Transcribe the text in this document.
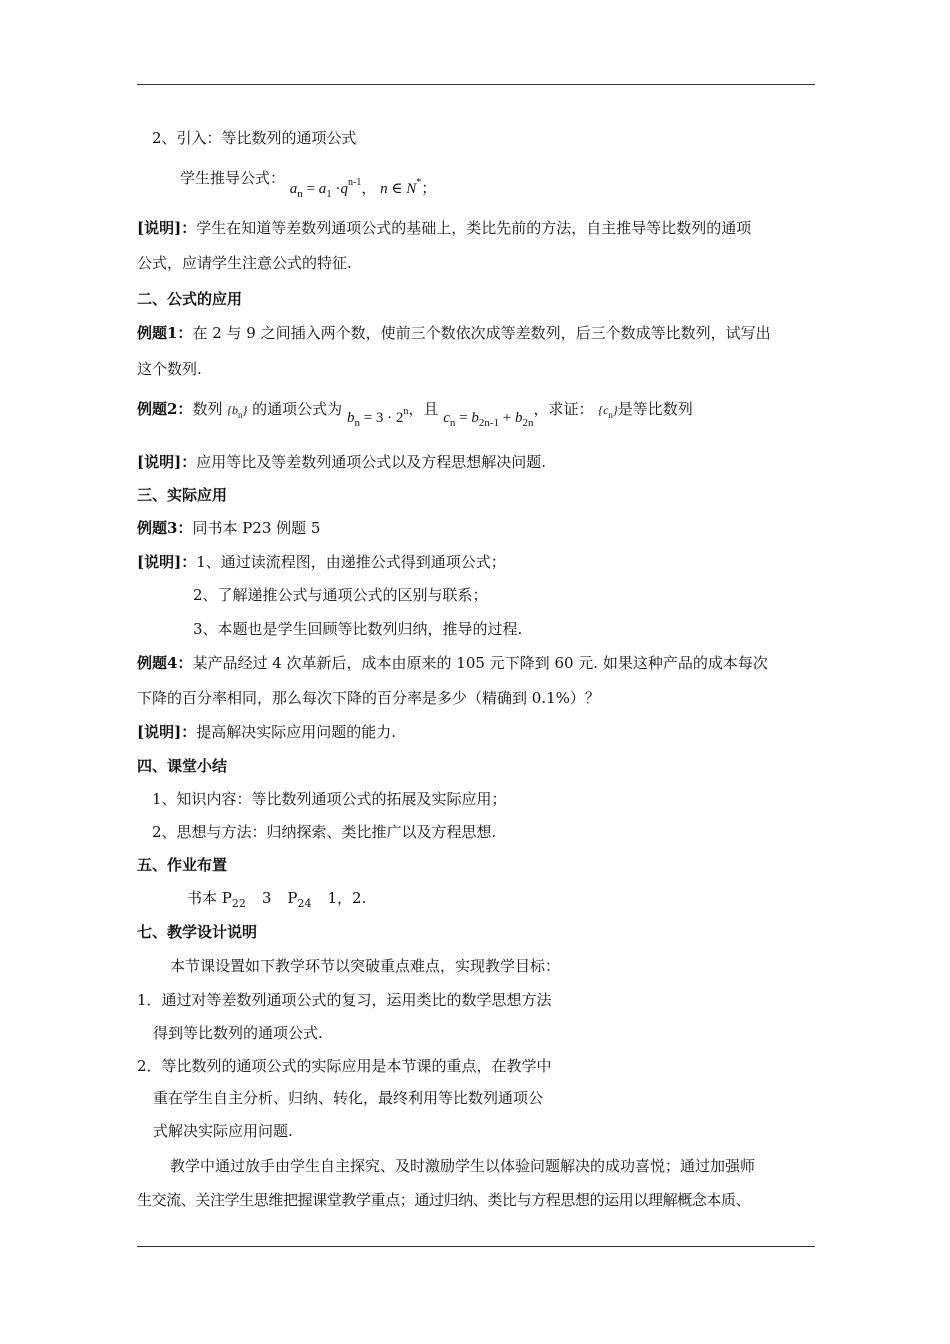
2、引入：等比数列的通项公式
学生推导公式： $a_n = a_1 \cdot q^{n-1}$， n ∈ N*；
[说明]：学生在知道等差数列通项公式的基础上，类比先前的方法，自主推导等比数列的通项
公式，应请学生注意公式的特征.
二、公式的应用
例题1：在 2 与 9 之间插入两个数，使前三个数依次成等差数列，后三个数成等比数列，试写出
这个数列.
例题2：数列 $\{b_n\}$ 的通项公式为 $b_n = 3 \cdot 2^n$，且 $c_n = b_{2n-1} + b_{2n}$，求证： $\{c_n\}$是等比数列
[说明]：应用等比及等差数列通项公式以及方程思想解决问题.
三、实际应用
例题3：同书本 P23 例题 5
[说明]：1、通过读流程图，由递推公式得到通项公式；
2、了解递推公式与通项公式的区别与联系；
3、本题也是学生回顾等比数列归纳，推导的过程.
例题4：某产品经过 4 次革新后，成本由原来的 105 元下降到 60 元. 如果这种产品的成本每次
下降的百分率相同，那么每次下降的百分率是多少（精确到 0.1%）？
[说明]：提高解决实际应用问题的能力.
四、课堂小结
1、知识内容：等比数列通项公式的拓展及实际应用；
2、思想与方法：归纳探索、类比推广以及方程思想.
五、作业布置
书本 $P_{22}$ 3 $P_{24}$ 1，2.
七、教学设计说明
本节课设置如下教学环节以突破重点难点，实现教学目标：
1．通过对等差数列通项公式的复习，运用类比的数学思想方法
得到等比数列的通项公式.
2．等比数列的通项公式的实际应用是本节课的重点，在教学中
重在学生自主分析、归纳、转化，最终利用等比数列通项公
式解决实际应用问题.
教学中通过放手由学生自主探究、及时激励学生以体验问题解决的成功喜悦；通过加强师
生交流、关注学生思维把握课堂教学重点；通过归纳、类比与方程思想的运用以理解概念本质、
